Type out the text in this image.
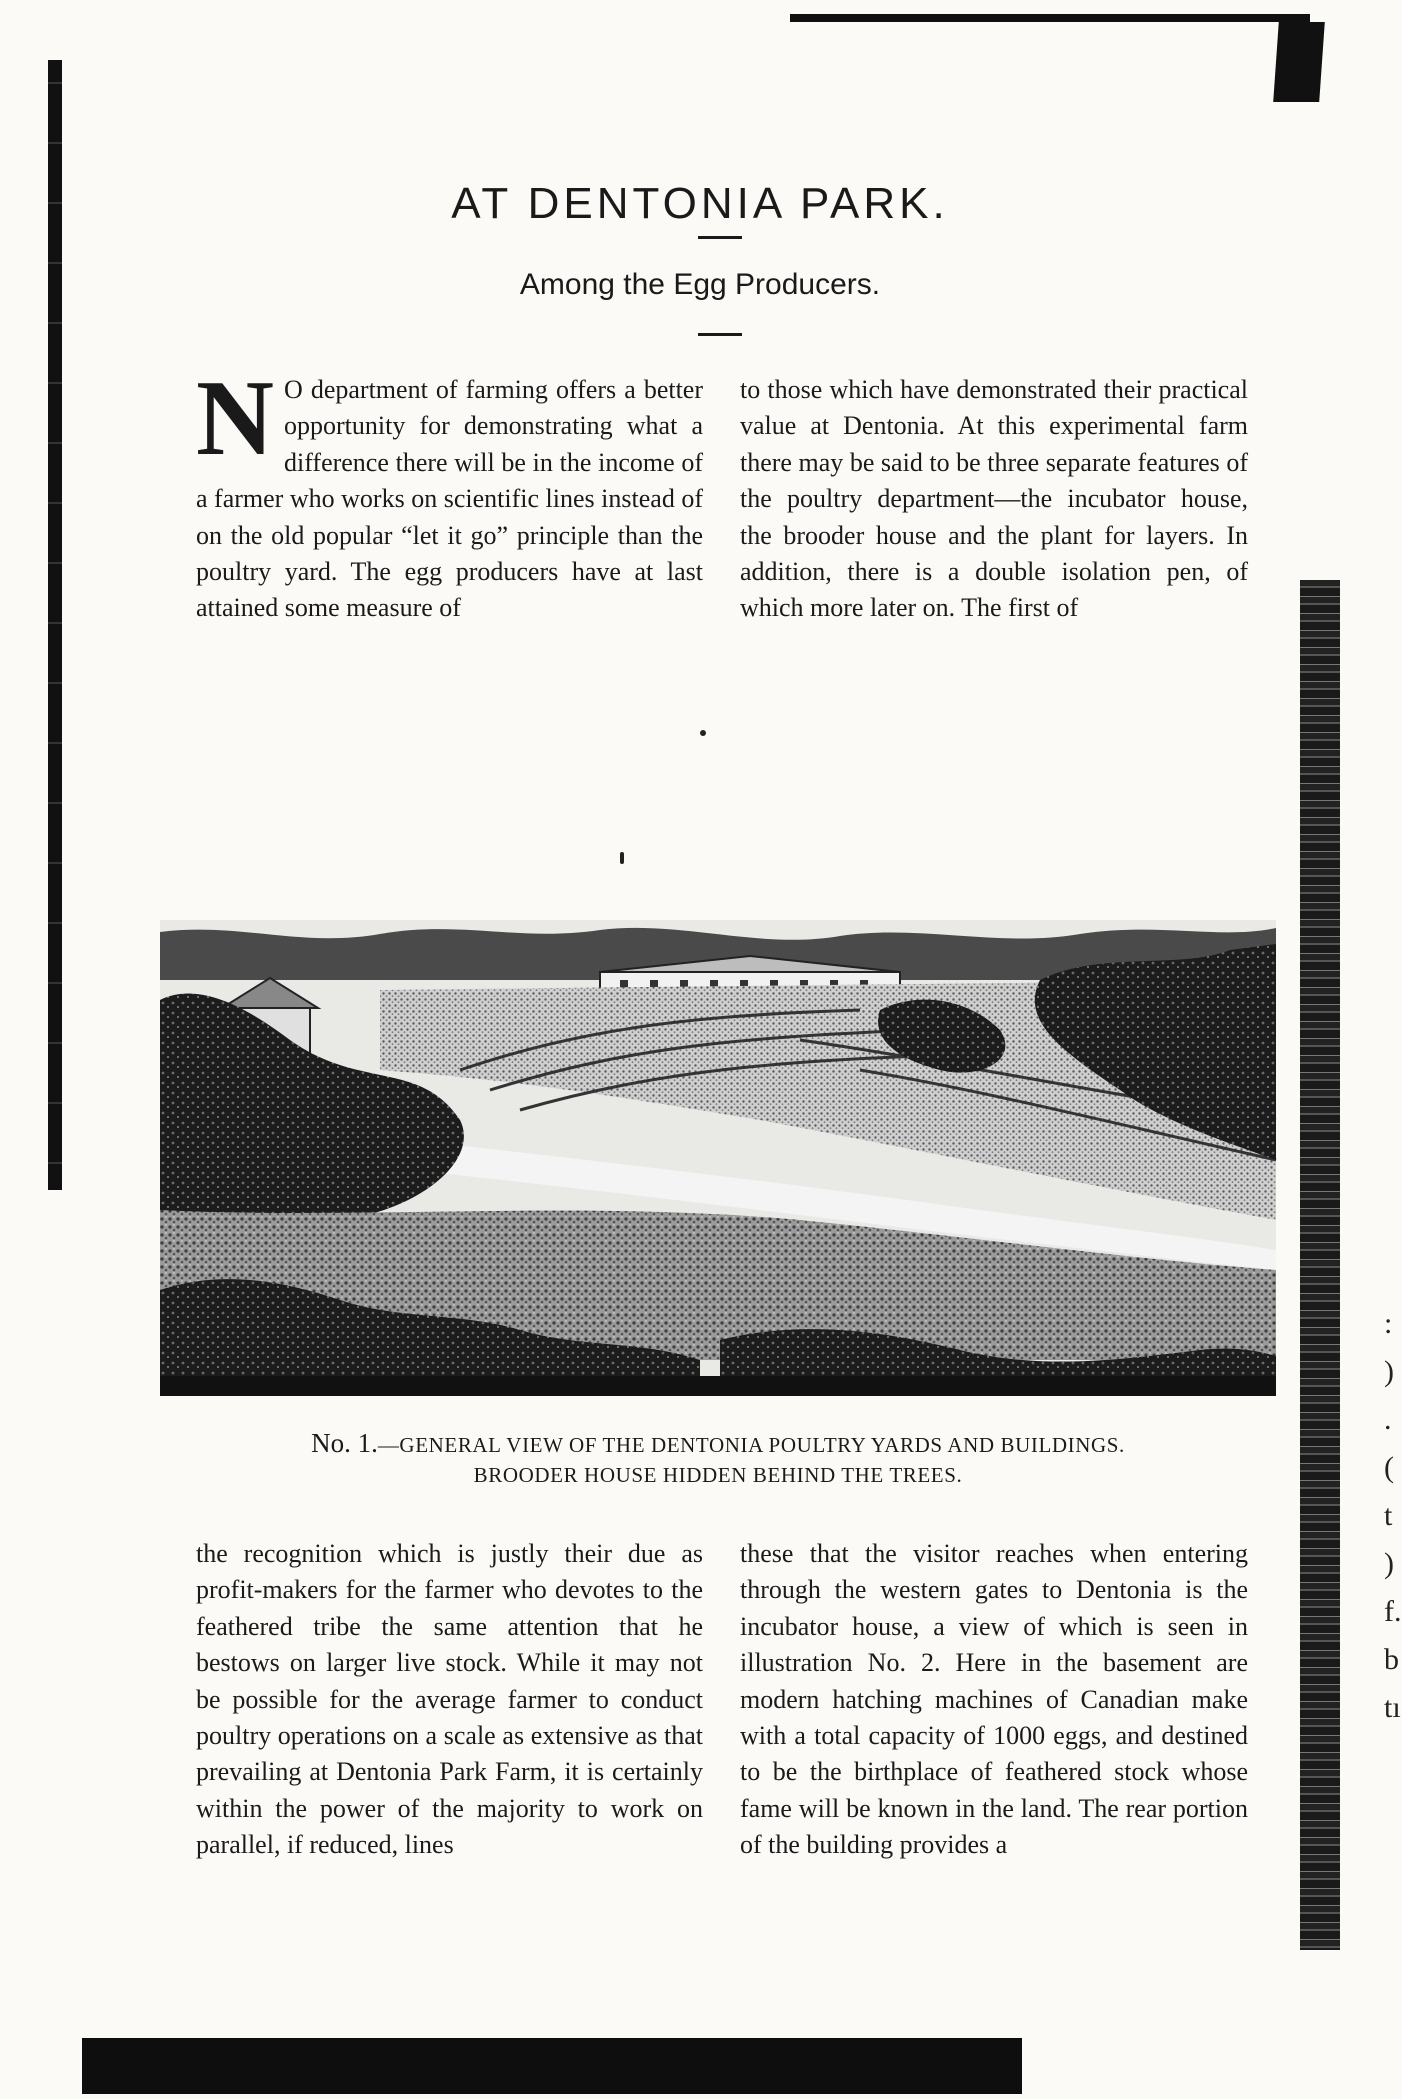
:
)
.
(
t
)
f.
b
tı
AT DENTONIA PARK.
Among the Egg Producers.
N O department of farming offers a better opportunity for demonstrating what a difference there will be in the income of a farmer who works on scientific lines instead of on the old popular “let it go” principle than the poultry yard. The egg producers have at last attained some measure of

to those which have demonstrated their practical value at Dentonia. At this experimental farm there may be said to be three separate features of the poultry department—the incubator house, the brooder house and the plant for layers. In addition, there is a double isolation pen, of which more later on. The first of

No. 1.—GENERAL VIEW OF THE DENTONIA POULTRY YARDS AND BUILDINGS.
BROODER HOUSE HIDDEN BEHIND THE TREES.

the recognition which is justly their due as profit-makers for the farmer who devotes to the feathered tribe the same attention that he bestows on larger live stock. While it may not be possible for the average farmer to conduct poultry operations on a scale as extensive as that prevailing at Dentonia Park Farm, it is certainly within the power of the majority to work on parallel, if reduced, lines

these that the visitor reaches when entering through the western gates to Dentonia is the incubator house, a view of which is seen in illustration No. 2. Here in the basement are modern hatching machines of Canadian make with a total capacity of 1000 eggs, and destined to be the birthplace of feathered stock whose fame will be known in the land. The rear portion of the building provides a
